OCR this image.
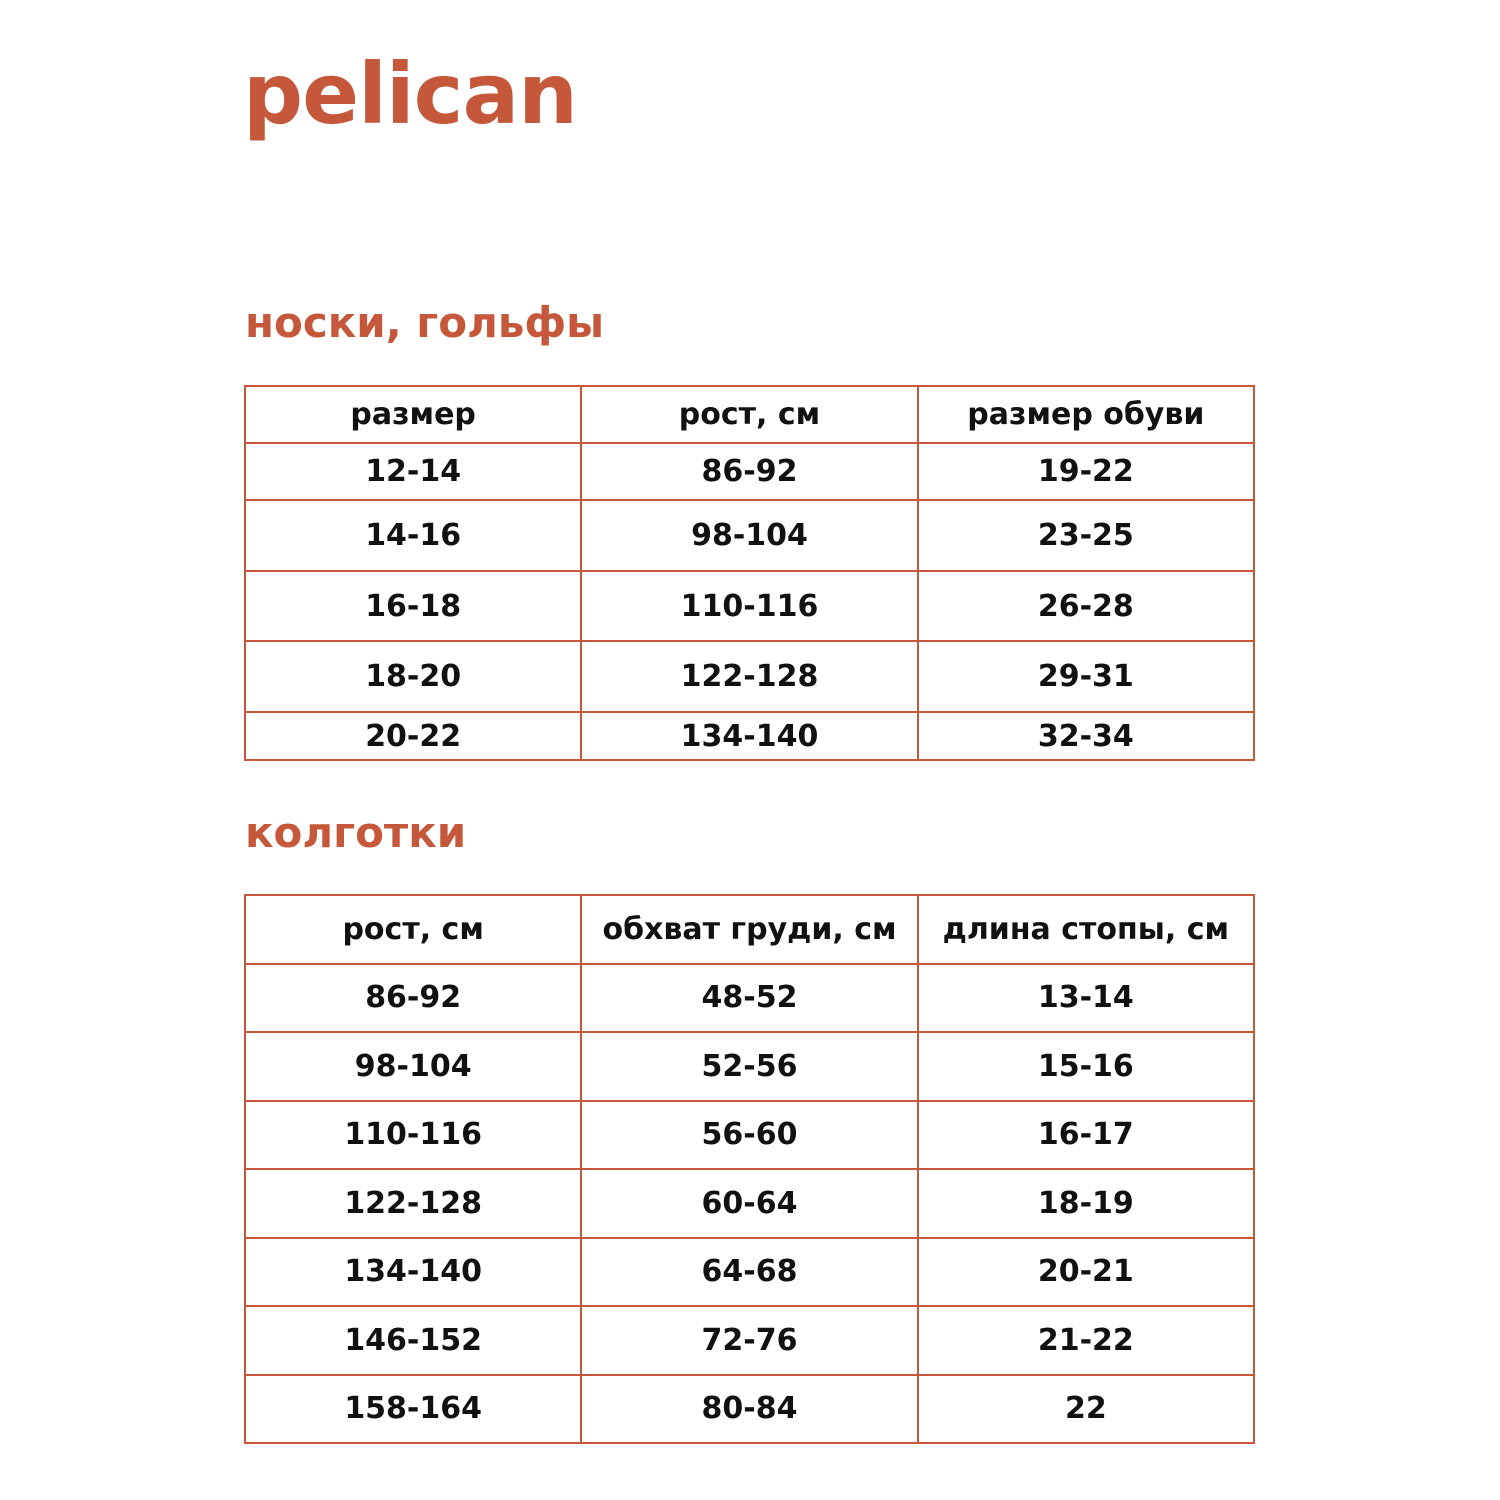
pelican
носки, гольфы
размер	рост, см	размер обуви
12-14	86-92	19-22
14-16	98-104	23-25
16-18	110-116	26-28
18-20	122-128	29-31
20-22	134-140	32-34
колготки
рост, см	обхват груди, см	длина стопы, см
86-92	48-52	13-14
98-104	52-56	15-16
110-116	56-60	16-17
122-128	60-64	18-19
134-140	64-68	20-21
146-152	72-76	21-22
158-164	80-84	22
